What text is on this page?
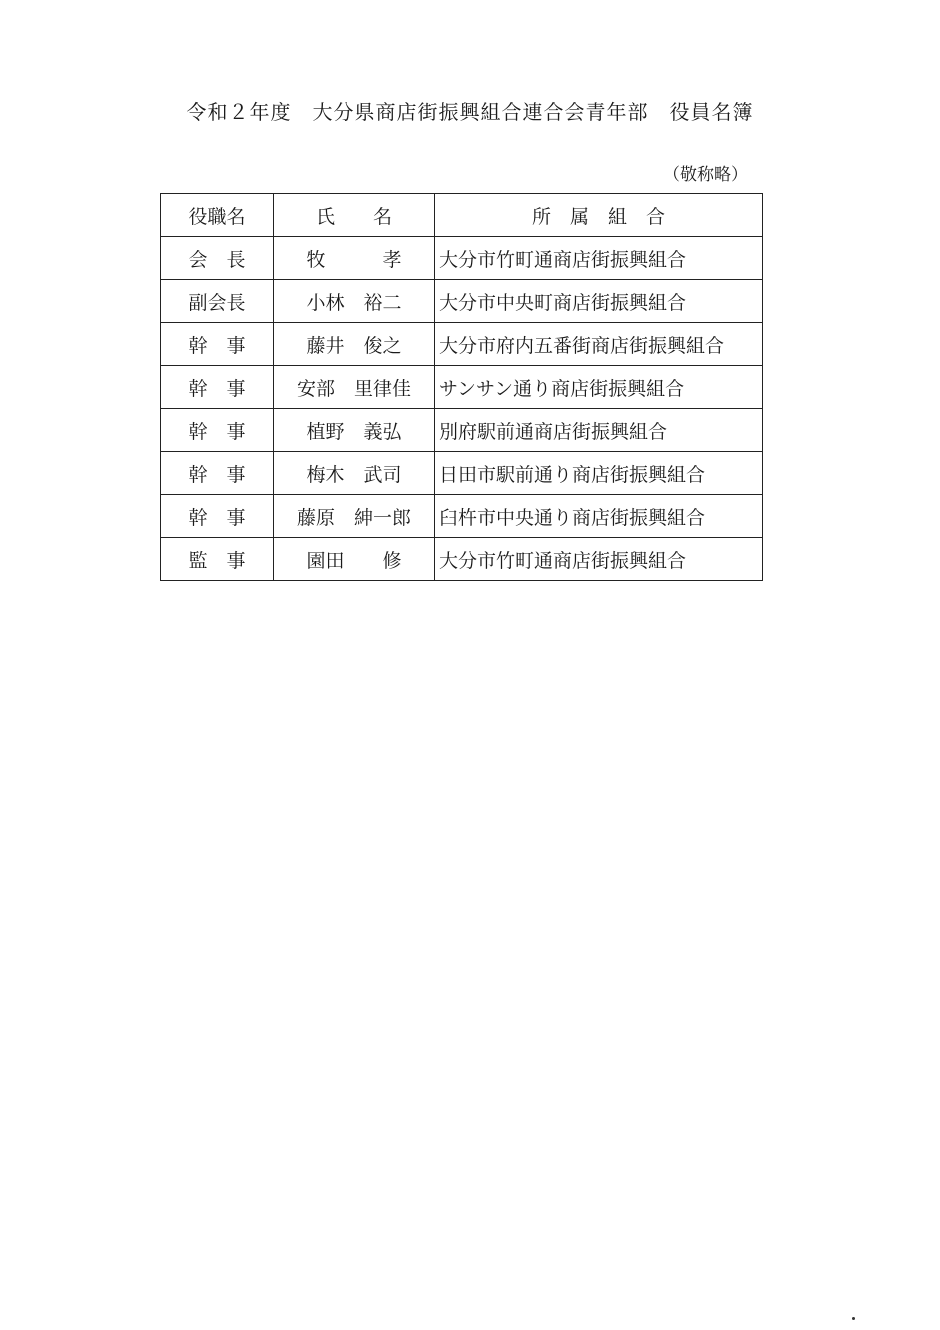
令和２年度　大分県商店街振興組合連合会青年部　役員名簿
（敬称略）
役職名	氏　　名	所　属　組　合
会　長	牧　　　孝	大分市竹町通商店街振興組合
副会長	小林　裕二	大分市中央町商店街振興組合
幹　事	藤井　俊之	大分市府内五番街商店街振興組合
幹　事	安部　里律佳	サンサン通り商店街振興組合
幹　事	植野　義弘	別府駅前通商店街振興組合
幹　事	梅木　武司	日田市駅前通り商店街振興組合
幹　事	藤原　紳一郎	臼杵市中央通り商店街振興組合
監　事	園田　　修	大分市竹町通商店街振興組合
